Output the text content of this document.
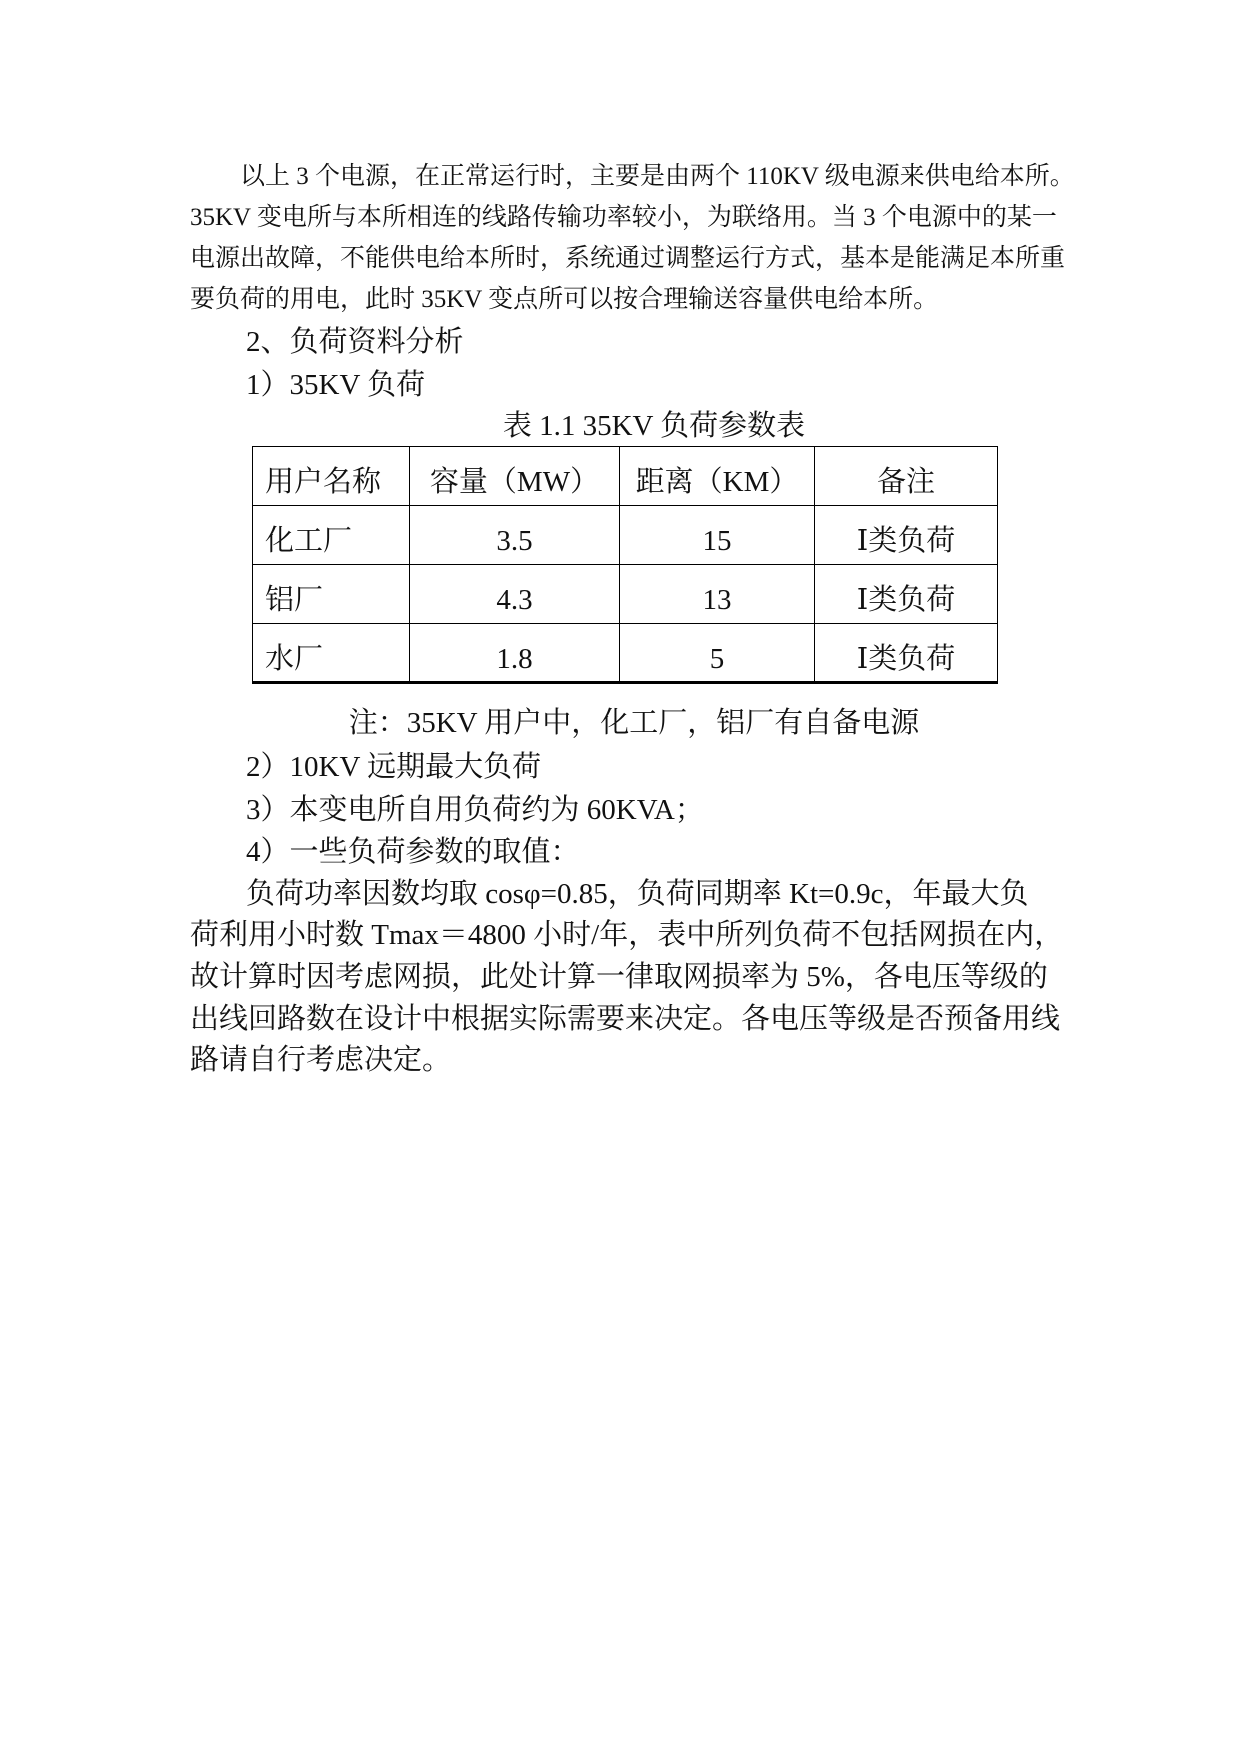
以上 3 个电源，在正常运行时，主要是由两个 110KV 级电源来供电给本所。
35KV 变电所与本所相连的线路传输功率较小，为联络用。当 3 个电源中的某一
电源出故障，不能供电给本所时，系统通过调整运行方式，基本是能满足本所重
要负荷的用电，此时 35KV 变点所可以按合理输送容量供电给本所。
2、负荷资料分析
1）35KV 负荷
表 1.1 35KV 负荷参数表
用户名称	容量（MW）	距离（KM）	备注
化工厂	3.5	15	Ⅰ类负荷
铝厂	4.3	13	Ⅰ类负荷
水厂	1.8	5	Ⅰ类负荷
注：35KV 用户中，化工厂，铝厂有自备电源
2）10KV 远期最大负荷
3）本变电所自用负荷约为 60KVA；
4）一些负荷参数的取值：
负荷功率因数均取 cosφ=0.85，负荷同期率 Kt=0.9c，年最大负
荷利用小时数 Tmax＝4800 小时/年，表中所列负荷不包括网损在内，
故计算时因考虑网损，此处计算一律取网损率为 5%，各电压等级的
出线回路数在设计中根据实际需要来决定。各电压等级是否预备用线
路请自行考虑决定。
